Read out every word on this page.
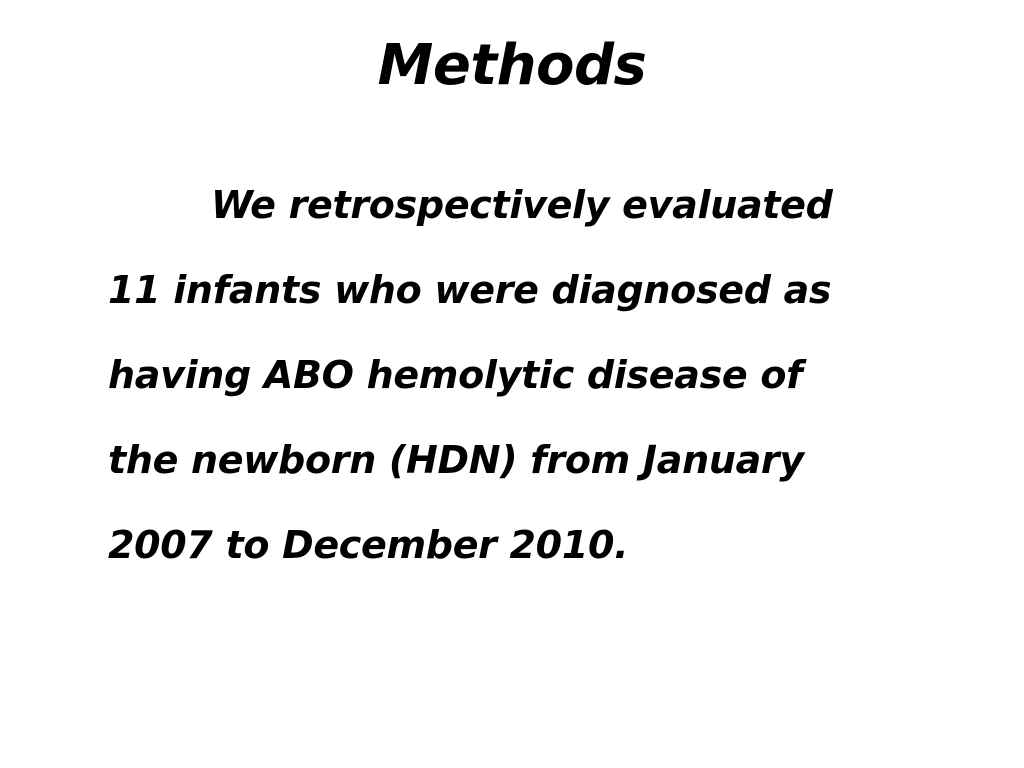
Methods
We retrospectively evaluated
11 infants who were diagnosed as
having ABO hemolytic disease of
the newborn (HDN) from January
2007 to December 2010.
